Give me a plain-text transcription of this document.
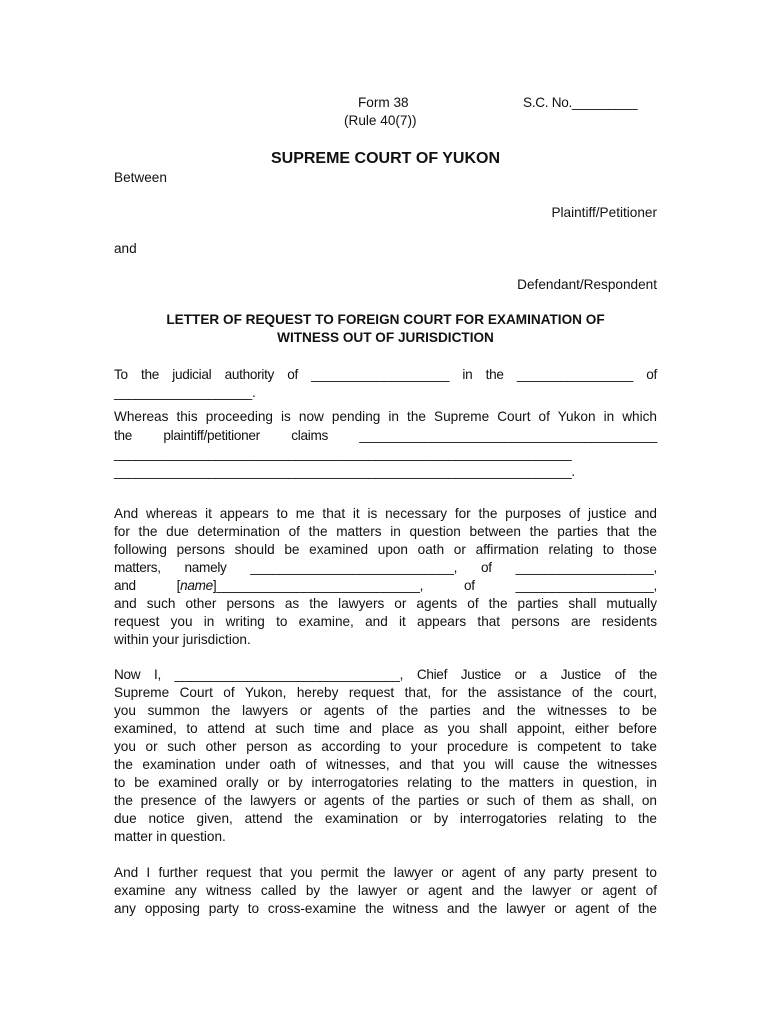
Form 38
(Rule 40(7))
S.C. No._________
SUPREME COURT OF YUKON
Between
Plaintiff/Petitioner
and
Defendant/Respondent
LETTER OF REQUEST TO FOREIGN COURT FOR EXAMINATION OF
WITNESS OUT OF JURISDICTION
To the judicial authority of ___________________ in the ________________ of
___________________.
Whereas this proceeding is now pending in the Supreme Court of Yukon in which
the plaintiff/petitioner claims _________________________________________
_______________________________________________________________
_______________________________________________________________.
And whereas it appears to me that it is necessary for the purposes of justice and
for the due determination of the matters in question between the parties that the
following persons should be examined upon oath or affirmation relating to those
matters, namely ____________________________, of ___________________,
and [name]____________________________, of ___________________,
and such other persons as the lawyers or agents of the parties shall mutually
request you in writing to examine, and it appears that persons are residents
within your jurisdiction.
Now I, _______________________________, Chief Justice or a Justice of the
Supreme Court of Yukon, hereby request that, for the assistance of the court,
you summon the lawyers or agents of the parties and the witnesses to be
examined, to attend at such time and place as you shall appoint, either before
you or such other person as according to your procedure is competent to take
the examination under oath of witnesses, and that you will cause the witnesses
to be examined orally or by interrogatories relating to the matters in question, in
the presence of the lawyers or agents of the parties or such of them as shall, on
due notice given, attend the examination or by interrogatories relating to the
matter in question.
And I further request that you permit the lawyer or agent of any party present to
examine any witness called by the lawyer or agent and the lawyer or agent of
any opposing party to cross-examine the witness and the lawyer or agent of the
